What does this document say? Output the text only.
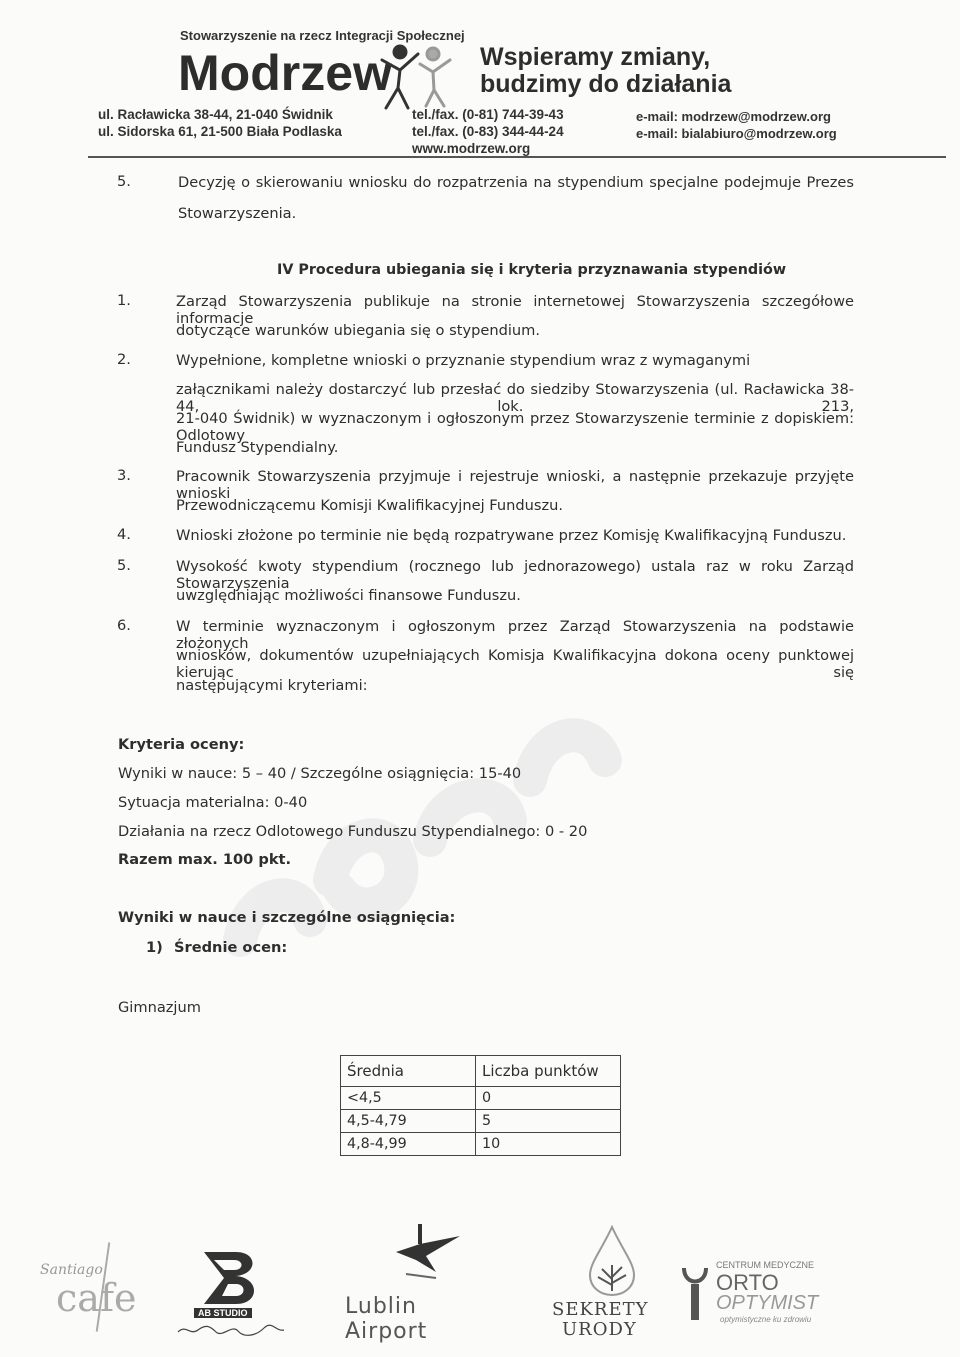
Stowarzyszenie na rzecz Integracji Społecznej
Modrzew	Wspieramy zmiany,
budzimy do działania
ul. Racławicka 38-44, 21-040 Świdnik
ul. Sidorska 61, 21-500 Biała Podlaska
tel./fax. (0-81) 744-39-43
tel./fax. (0-83) 344-44-24
www.modrzew.org
e-mail: modrzew@modrzew.org
e-mail: bialabiuro@modrzew.org
5.	Decyzję o skierowaniu wniosku do rozpatrzenia na stypendium specjalne podejmuje Prezes
Stowarzyszenia.
IV Procedura ubiegania się i kryteria przyznawania stypendiów
1.	Zarząd Stowarzyszenia publikuje na stronie internetowej Stowarzyszenia szczegółowe informacje
dotyczące warunków ubiegania się o stypendium.
2.	Wypełnione, kompletne wnioski o przyznanie stypendium wraz z wymaganymi
załącznikami należy dostarczyć lub przesłać do siedziby Stowarzyszenia (ul. Racławicka 38-44, lok. 213,
21-040 Świdnik) w wyznaczonym i ogłoszonym przez Stowarzyszenie terminie z dopiskiem: Odlotowy
Fundusz Stypendialny.
3.	Pracownik Stowarzyszenia przyjmuje i rejestruje wnioski, a następnie przekazuje przyjęte wnioski
Przewodniczącemu Komisji Kwalifikacyjnej Funduszu.
4.	Wnioski złożone po terminie nie będą rozpatrywane przez Komisję Kwalifikacyjną Funduszu.
5.	Wysokość kwoty stypendium (rocznego lub jednorazowego) ustala raz w roku Zarząd Stowarzyszenia
uwzględniając możliwości finansowe Funduszu.
6.	W terminie wyznaczonym i ogłoszonym przez Zarząd Stowarzyszenia na podstawie złożonych
wniosków, dokumentów uzupełniających Komisja Kwalifikacyjna dokona oceny punktowej kierując się
następującymi kryteriami:
Kryteria oceny:
Wyniki w nauce: 5 – 40 / Szczególne osiągnięcia: 15-40
Sytuacja materialna: 0-40
Działania na rzecz Odlotowego Funduszu Stypendialnego: 0 - 20
Razem max. 100 pkt.
Wyniki w nauce i szczególne osiągnięcia:
1) Średnie ocen:
Gimnazjum
Średnia	Liczba punktów
<4,5	0
4,5-4,79	5
4,8-4,99	10
Santiago
cafe	AB STUDIO	Lublin Airport
SEKRETY
URODY
CENTRUM MEDYCZNE
ORTO
OPTYMIST
optymistyczne ku zdrowiu
